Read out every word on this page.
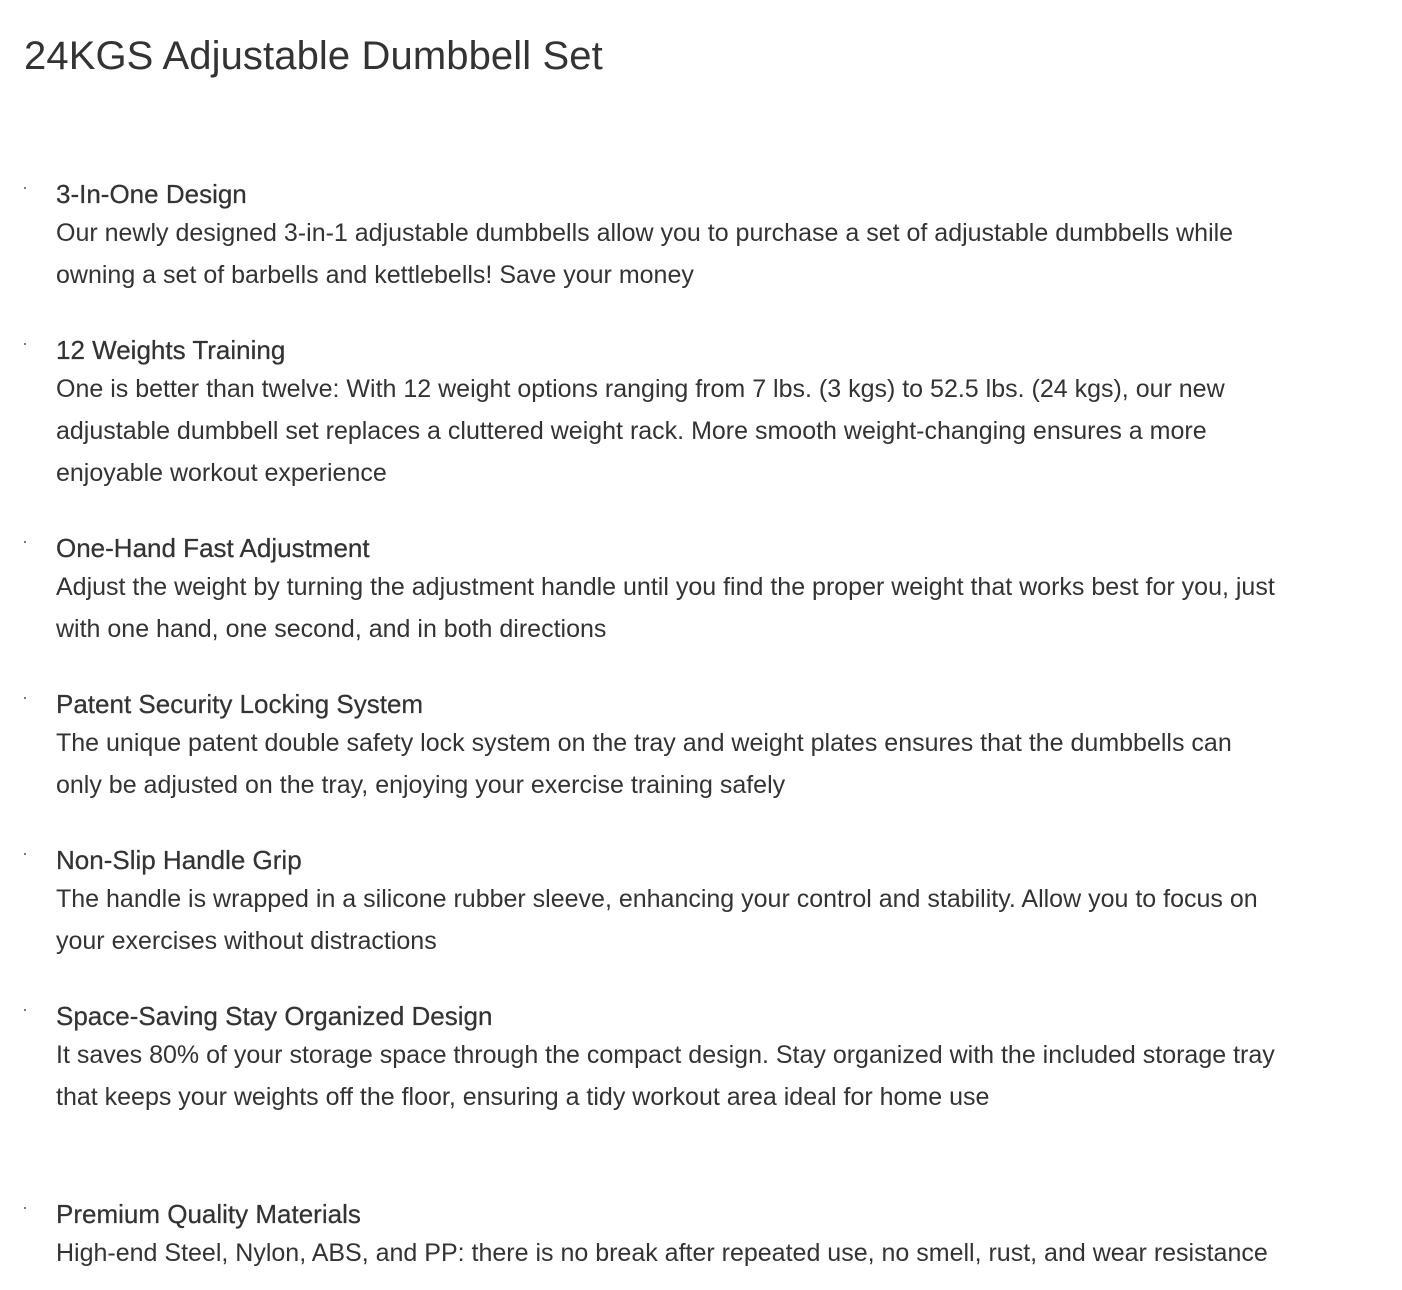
24KGS Adjustable Dumbbell Set
3-In-One Design
Our newly designed 3-in-1 adjustable dumbbells allow you to purchase a set of adjustable dumbbells while owning a set of barbells and kettlebells! Save your money
12 Weights Training
One is better than twelve: With 12 weight options ranging from 7 lbs. (3 kgs) to 52.5 lbs. (24 kgs), our new adjustable dumbbell set replaces a cluttered weight rack. More smooth weight-changing ensures a more enjoyable workout experience
One-Hand Fast Adjustment
Adjust the weight by turning the adjustment handle until you find the proper weight that works best for you, just with one hand, one second, and in both directions
Patent Security Locking System
The unique patent double safety lock system on the tray and weight plates ensures that the dumbbells can only be adjusted on the tray, enjoying your exercise training safely
Non-Slip Handle Grip
The handle is wrapped in a silicone rubber sleeve, enhancing your control and stability. Allow you to focus on your exercises without distractions
Space-Saving Stay Organized Design
It saves 80% of your storage space through the compact design. Stay organized with the included storage tray that keeps your weights off the floor, ensuring a tidy workout area ideal for home use
Premium Quality Materials
High-end Steel, Nylon, ABS, and PP: there is no break after repeated use, no smell, rust, and wear resistance
